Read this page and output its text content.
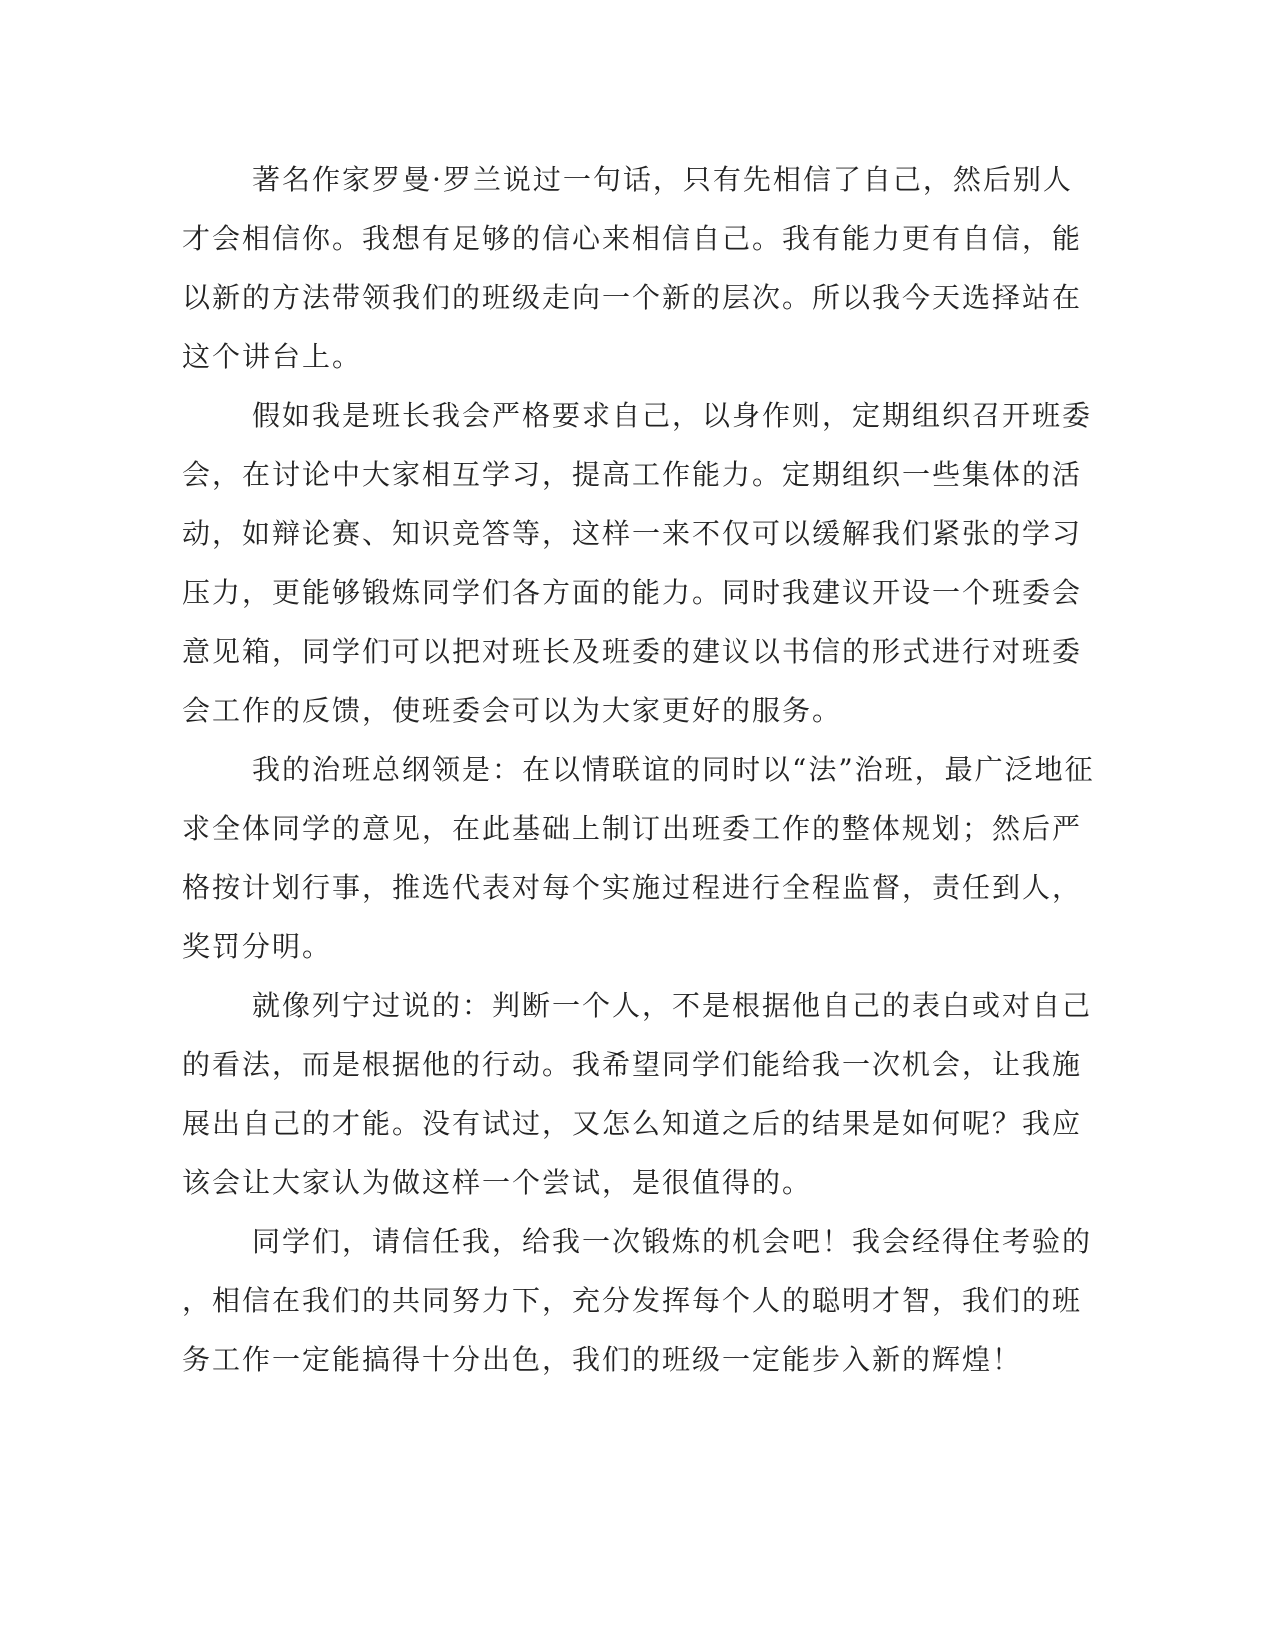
著名作家罗曼·罗兰说过一句话，只有先相信了自己，然后别人
才会相信你。我想有足够的信心来相信自己。我有能力更有自信，能
以新的方法带领我们的班级走向一个新的层次。所以我今天选择站在
这个讲台上。
假如我是班长我会严格要求自己，以身作则，定期组织召开班委
会，在讨论中大家相互学习，提高工作能力。定期组织一些集体的活
动，如辩论赛、知识竞答等，这样一来不仅可以缓解我们紧张的学习
压力，更能够锻炼同学们各方面的能力。同时我建议开设一个班委会
意见箱，同学们可以把对班长及班委的建议以书信的形式进行对班委
会工作的反馈，使班委会可以为大家更好的服务。
我的治班总纲领是：在以情联谊的同时以“法”治班，最广泛地征
求全体同学的意见，在此基础上制订出班委工作的整体规划；然后严
格按计划行事，推选代表对每个实施过程进行全程监督，责任到人，
奖罚分明。
就像列宁过说的：判断一个人，不是根据他自己的表白或对自己
的看法，而是根据他的行动。我希望同学们能给我一次机会，让我施
展出自己的才能。没有试过，又怎么知道之后的结果是如何呢？我应
该会让大家认为做这样一个尝试，是很值得的。
同学们，请信任我，给我一次锻炼的机会吧！我会经得住考验的
，相信在我们的共同努力下，充分发挥每个人的聪明才智，我们的班
务工作一定能搞得十分出色，我们的班级一定能步入新的辉煌！
